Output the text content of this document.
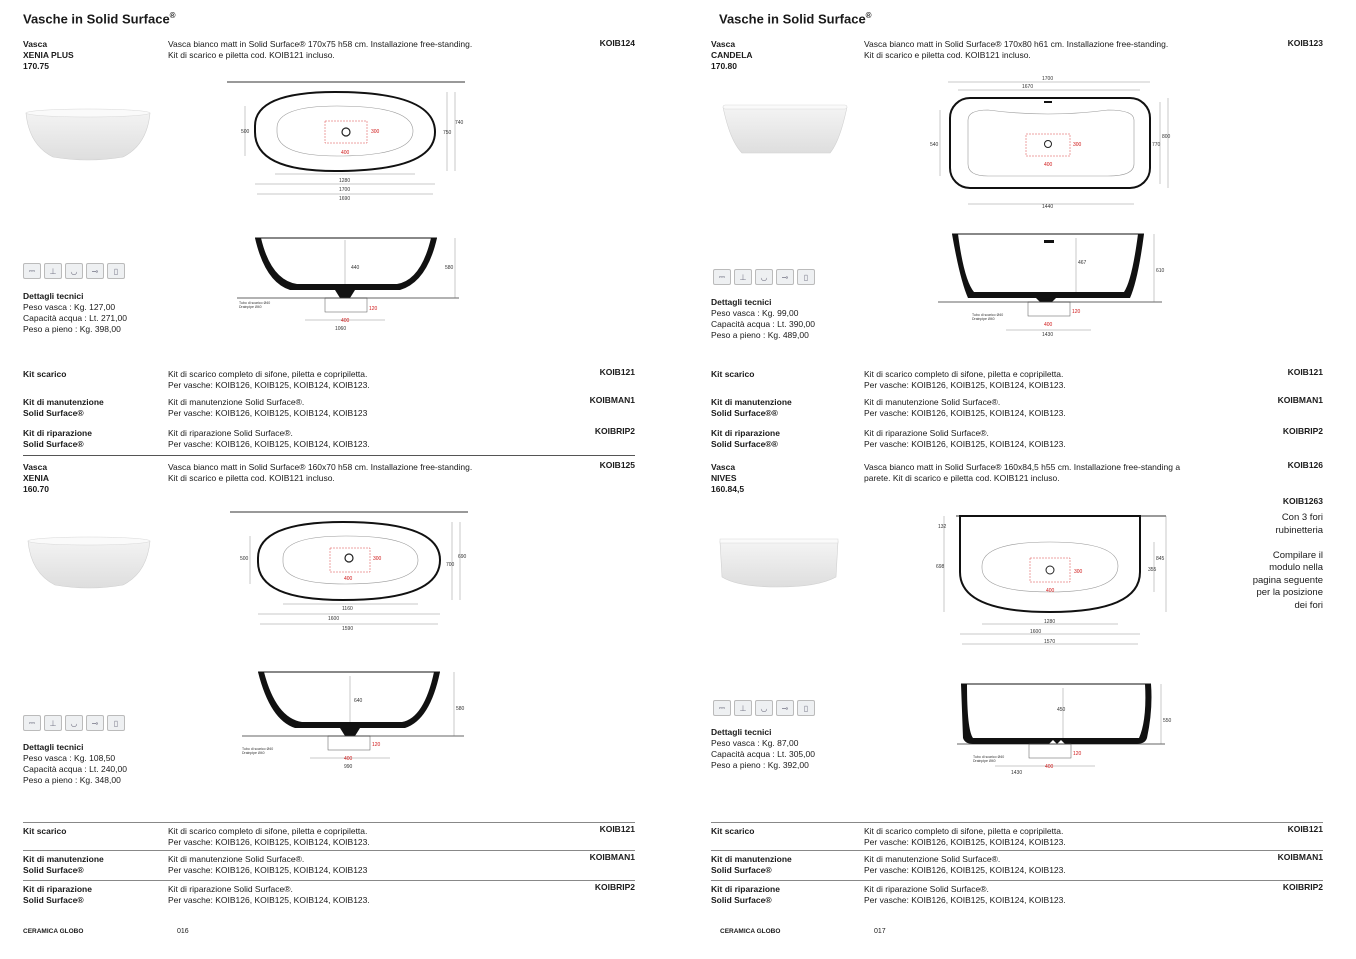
Vasche in Solid Surface®
Vasca
XENIA PLUS
170.75
Vasca bianco matt in Solid Surface® 170x75 h58 cm. Installazione free-standing.
Kit di scarico e piletta cod. KOIB121 incluso.
KOIB124
500	300
400
740
750
1280
1700
1690
440	580
120
400
1060
Tubo di scarico Ø40 Drainpipe Ø40
⎓	⊥	◡	⊸	▯
Dettagli tecnici
Peso vasca : Kg. 127,00
Capacità acqua : Lt. 271,00
Peso a pieno : Kg. 398,00
Kit scarico	Kit di scarico completo di sifone, piletta e copripiletta.
Per vasche: KOIB126, KOIB125, KOIB124, KOIB123.
KOIB121
Kit di manutenzione
Solid Surface®
Kit di manutenzione Solid Surface®.
Per vasche: KOIB126, KOIB125, KOIB124, KOIB123
KOIBMAN1
Kit di riparazione
Solid Surface®
Kit di riparazione Solid Surface®.
Per vasche: KOIB126, KOIB125, KOIB124, KOIB123.
KOIBRIP2
Vasca
XENIA
160.70
Vasca bianco matt in Solid Surface® 160x70 h58 cm. Installazione free-standing.
Kit di scarico e piletta cod. KOIB121 incluso.
KOIB125
500	300
400
690
700
1160
1600
1590
640
580
120
400
990
Tubo di scarico Ø40 Drainpipe Ø40
⎓	⊥	◡	⊸	▯
Dettagli tecnici
Peso vasca : Kg. 108,50
Capacità acqua : Lt. 240,00
Peso a pieno : Kg. 348,00
Kit scarico	Kit di scarico completo di sifone, piletta e copripiletta.
Per vasche: KOIB126, KOIB125, KOIB124, KOIB123.
KOIB121
Kit di manutenzione
Solid Surface®
Kit di manutenzione Solid Surface®.
Per vasche: KOIB126, KOIB125, KOIB124, KOIB123
KOIBMAN1
Kit di riparazione
Solid Surface®
Kit di riparazione Solid Surface®.
Per vasche: KOIB126, KOIB125, KOIB124, KOIB123.
KOIBRIP2
CERAMICA GLOBO	016
Vasche in Solid Surface®
Vasca
CANDELA
170.80
Vasca bianco matt in Solid Surface® 170x80 h61 cm. Installazione free-standing.
Kit di scarico e piletta cod. KOIB121 incluso.
KOIB123
1700
1670
540	300
400
800
770
1440
467
610
120
400
1430
Tubo di scarico Ø40 Drainpipe Ø40
⎓	⊥	◡	⊸	▯
Dettagli tecnici
Peso vasca : Kg. 99,00
Capacità acqua : Lt. 390,00
Peso a pieno : Kg. 489,00
Kit scarico	Kit di scarico completo di sifone, piletta e copripiletta.
Per vasche: KOIB126, KOIB125, KOIB124, KOIB123.
KOIB121
Kit di manutenzione
Solid Surface®®
Kit di manutenzione Solid Surface®.
Per vasche: KOIB126, KOIB125, KOIB124, KOIB123.
KOIBMAN1
Kit di riparazione
Solid Surface®®
Kit di riparazione Solid Surface®.
Per vasche: KOIB126, KOIB125, KOIB124, KOIB123.
KOIBRIP2
Vasca
NIVES
160.84,5
Vasca bianco matt in Solid Surface® 160x84,5 h55 cm. Installazione free-standing a
parete. Kit di scarico e piletta cod. KOIB121 incluso.
KOIB126
KOIB1263
Con 3 fori
rubinetteria

Compilare il
modulo nella
pagina seguente
per la posizione
dei fori
132
698
300
400
845
355
1280
1600
1570
450
550
120
400
1430
Tubo di scarico Ø40 Drainpipe Ø40
⎓	⊥	◡	⊸	▯
Dettagli tecnici
Peso vasca : Kg. 87,00
Capacità acqua : Lt. 305,00
Peso a pieno : Kg. 392,00
Kit scarico	Kit di scarico completo di sifone, piletta e copripiletta.
Per vasche: KOIB126, KOIB125, KOIB124, KOIB123.
KOIB121
Kit di manutenzione
Solid Surface®
Kit di manutenzione Solid Surface®.
Per vasche: KOIB126, KOIB125, KOIB124, KOIB123.
KOIBMAN1
Kit di riparazione
Solid Surface®
Kit di riparazione Solid Surface®.
Per vasche: KOIB126, KOIB125, KOIB124, KOIB123.
KOIBRIP2
CERAMICA GLOBO	017
